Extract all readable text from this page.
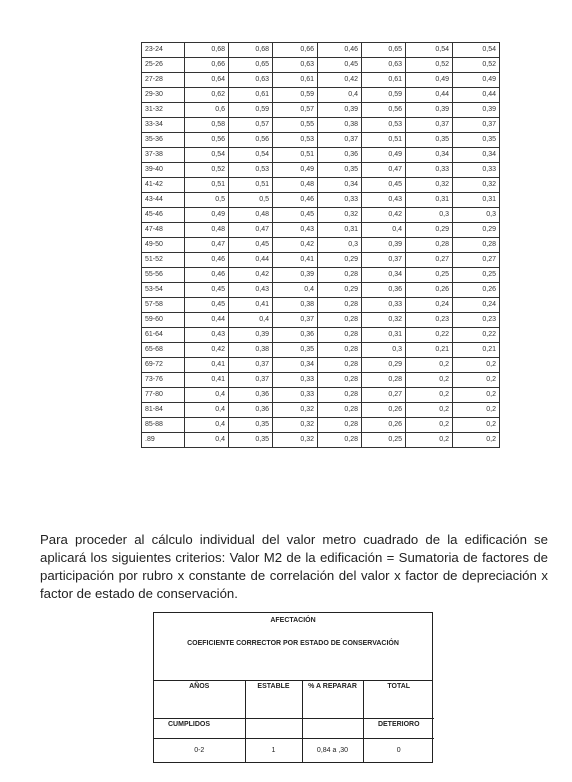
23-24	0,68	0,68	0,66	0,46	0,65	0,54	0,54
25-26	0,66	0,65	0,63	0,45	0,63	0,52	0,52
27-28	0,64	0,63	0,61	0,42	0,61	0,49	0,49
29-30	0,62	0,61	0,59	0,4	0,59	0,44	0,44
31-32	0,6	0,59	0,57	0,39	0,56	0,39	0,39
33-34	0,58	0,57	0,55	0,38	0,53	0,37	0,37
35-36	0,56	0,56	0,53	0,37	0,51	0,35	0,35
37-38	0,54	0,54	0,51	0,36	0,49	0,34	0,34
39-40	0,52	0,53	0,49	0,35	0,47	0,33	0,33
41-42	0,51	0,51	0,48	0,34	0,45	0,32	0,32
43-44	0,5	0,5	0,46	0,33	0,43	0,31	0,31
45-46	0,49	0,48	0,45	0,32	0,42	0,3	0,3
47-48	0,48	0,47	0,43	0,31	0,4	0,29	0,29
49-50	0,47	0,45	0,42	0,3	0,39	0,28	0,28
51-52	0,46	0,44	0,41	0,29	0,37	0,27	0,27
55-56	0,46	0,42	0,39	0,28	0,34	0,25	0,25
53-54	0,45	0,43	0,4	0,29	0,36	0,26	0,26
57-58	0,45	0,41	0,38	0,28	0,33	0,24	0,24
59-60	0,44	0,4	0,37	0,28	0,32	0,23	0,23
61-64	0,43	0,39	0,36	0,28	0,31	0,22	0,22
65-68	0,42	0,38	0,35	0,28	0,3	0,21	0,21
69-72	0,41	0,37	0,34	0,28	0,29	0,2	0,2
73-76	0,41	0,37	0,33	0,28	0,28	0,2	0,2
77-80	0,4	0,36	0,33	0,28	0,27	0,2	0,2
81-84	0,4	0,36	0,32	0,28	0,26	0,2	0,2
85-88	0,4	0,35	0,32	0,28	0,26	0,2	0,2
.89	0,4	0,35	0,32	0,28	0,25	0,2	0,2

Para proceder al cálculo individual del valor metro cuadrado de la edificación se aplicará los siguientes criterios: Valor M2 de la edificación = Sumatoria de factores de participación por rubro x constante de correlación del valor x factor de depreciación x factor de estado de conservación.

AFECTACIÓN
COEFICIENTE CORRECTOR POR ESTADO DE CONSERVACIÓN
AÑOS	ESTABLE	% A REPARAR	TOTAL
CUMPLIDOS			DETERIORO
0-2	1	0,84 a ,30	0
